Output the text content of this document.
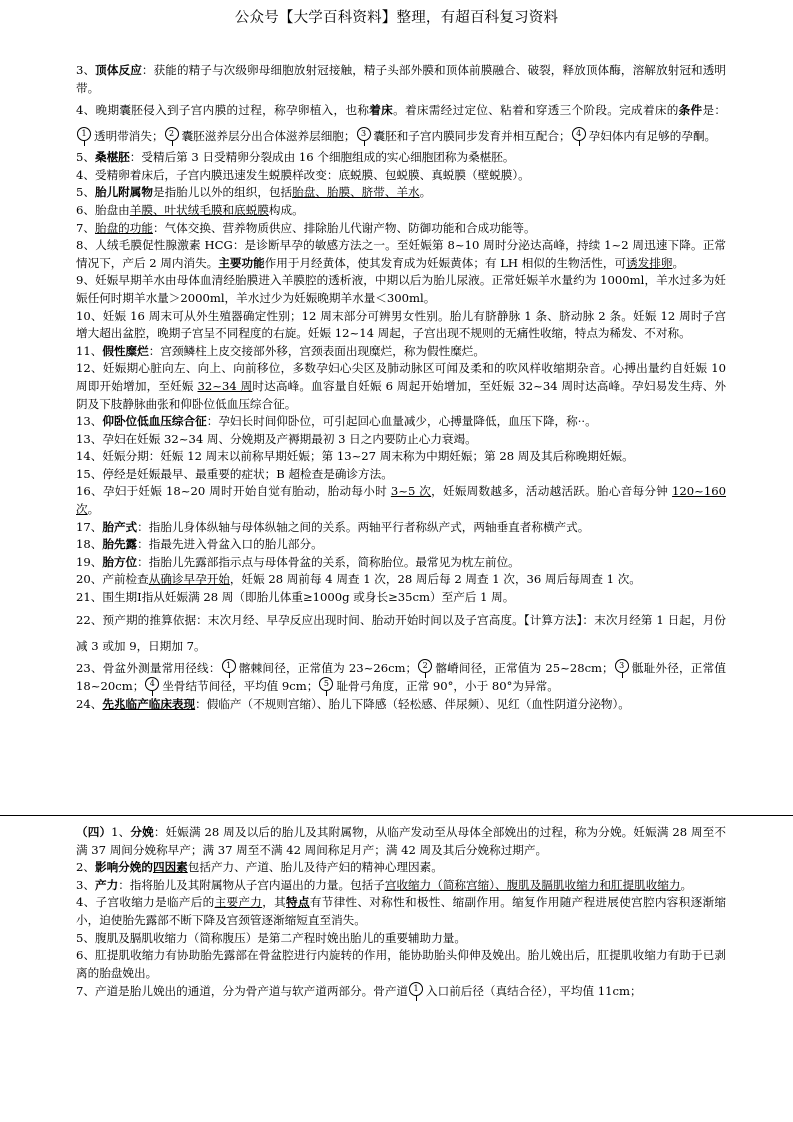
公众号【大学百科资料】整理，有超百科复习资料

3、顶体反应：获能的精子与次级卵母细胞放射冠接触，精子头部外膜和顶体前膜融合、破裂，释放顶体酶，溶解放射冠和透明带。

4、晚期囊胚侵入到子宫内膜的过程，称孕卵植入，也称着床。着床需经过定位、粘着和穿透三个阶段。完成着床的条件是：1 透明带消失； 2 囊胚滋养层分出合体滋养层细胞； 3 囊胚和子宫内膜同步发育并相互配合； 4 孕妇体内有足够的孕酮。

5、桑椹胚：受精后第 3 日受精卵分裂成由 16 个细胞组成的实心细胞团称为桑椹胚。

4、受精卵着床后，子宫内膜迅速发生蜕膜样改变：底蜕膜、包蜕膜、真蜕膜（壁蜕膜）。

5、胎儿附属物是指胎儿以外的组织，包括胎盘、胎膜、脐带、羊水。

6、胎盘由羊膜、叶状绒毛膜和底蜕膜构成。

7、胎盘的功能：气体交换、营养物质供应、排除胎儿代谢产物、防御功能和合成功能等。

8、人绒毛膜促性腺激素 HCG：是诊断早孕的敏感方法之一。至妊娠第 8~10 周时分泌达高峰，持续 1~2 周迅速下降。正常情况下，产后 2 周内消失。主要功能作用于月经黄体，使其发育成为妊娠黄体；有 LH 相似的生物活性，可诱发排卵。

9、妊娠早期羊水由母体血清经胎膜进入羊膜腔的透析液，中期以后为胎儿尿液。正常妊娠羊水量约为 1000ml，羊水过多为妊娠任何时期羊水量＞2000ml，羊水过少为妊娠晚期羊水量＜300ml。

10、妊娠 16 周末可从外生殖器确定性别；12 周末部分可辨男女性别。胎儿有脐静脉 1 条、脐动脉 2 条。妊娠 12 周时子宫增大超出盆腔，晚期子宫呈不同程度的右旋。妊娠 12~14 周起，子宫出现不规则的无痛性收缩，特点为稀发、不对称。

11、假性糜烂：宫颈鳞柱上皮交接部外移，宫颈表面出现糜烂，称为假性糜烂。

12、妊娠期心脏向左、向上、向前移位，多数孕妇心尖区及肺动脉区可闻及柔和的吹风样收缩期杂音。心搏出量约自妊娠 10 周即开始增加，至妊娠 32~34 周时达高峰。血容量自妊娠 6 周起开始增加，至妊娠 32~34 周时达高峰。孕妇易发生痔、外阴及下肢静脉曲张和仰卧位低血压综合征。

13、仰卧位低血压综合征：孕妇长时间仰卧位，可引起回心血量减少，心搏量降低，血压下降，称··。

13、孕妇在妊娠 32~34 周、分娩期及产褥期最初 3 日之内要防止心力衰竭。

14、妊娠分期：妊娠 12 周末以前称早期妊娠；第 13~27 周末称为中期妊娠；第 28 周及其后称晚期妊娠。

15、停经是妊娠最早、最重要的症状；B 超检查是确诊方法。

16、孕妇于妊娠 18~20 周时开始自觉有胎动，胎动每小时 3~5 次，妊娠周数越多，活动越活跃。胎心音每分钟 120~160 次。

17、胎产式：指胎儿身体纵轴与母体纵轴之间的关系。两轴平行者称纵产式，两轴垂直者称横产式。

18、胎先露：指最先进入骨盆入口的胎儿部分。

19、胎方位：指胎儿先露部指示点与母体骨盆的关系，简称胎位。最常见为枕左前位。

20、产前检查从确诊早孕开始，妊娠 28 周前每 4 周查 1 次，28 周后每 2 周查 1 次，36 周后每周查 1 次。

21、围生期Ⅰ指从妊娠满 28 周（即胎儿体重≥1000g 或身长≥35cm）至产后 1 周。

22、预产期的推算依据：末次月经、早孕反应出现时间、胎动开始时间以及子宫高度。【计算方法】：末次月经第 1 日起，月份减 3 或加 9，日期加 7。

23、骨盆外测量常用径线： 1 髂棘间径，正常值为 23~26cm； 2 髂嵴间径，正常值为 25~28cm； 3 骶耻外径，正常值 18~20cm； 4 坐骨结节间径，平均值 9cm； 5 耻骨弓角度，正常 90°，小于 80°为异常。

24、先兆临产临床表现：假临产（不规则宫缩）、胎儿下降感（轻松感、伴尿频）、见红（血性阴道分泌物）。

（四）1、分娩：妊娠满 28 周及以后的胎儿及其附属物，从临产发动至从母体全部娩出的过程，称为分娩。妊娠满 28 周至不满 37 周间分娩称早产；满 37 周至不满 42 周间称足月产；满 42 周及其后分娩称过期产。

2、影响分娩的四因素包括产力、产道、胎儿及待产妇的精神心理因素。

3、产力：指将胎儿及其附属物从子宫内逼出的力量。包括子宫收缩力（简称宫缩）、腹肌及膈肌收缩力和肛提肌收缩力。

4、子宫收缩力是临产后的主要产力，其特点有节律性、对称性和极性、缩副作用。缩复作用随产程进展使宫腔内容积逐渐缩小，迫使胎先露部不断下降及宫颈管逐渐缩短直至消失。

5、腹肌及膈肌收缩力（简称腹压）是第二产程时娩出胎儿的重要辅助力量。

6、肛提肌收缩力有协助胎先露部在骨盆腔进行内旋转的作用，能协助胎头仰伸及娩出。胎儿娩出后，肛提肌收缩力有助于已剥离的胎盘娩出。

7、产道是胎儿娩出的通道，分为骨产道与软产道两部分。骨产道 1 入口前后径（真结合径），平均值 11cm；
